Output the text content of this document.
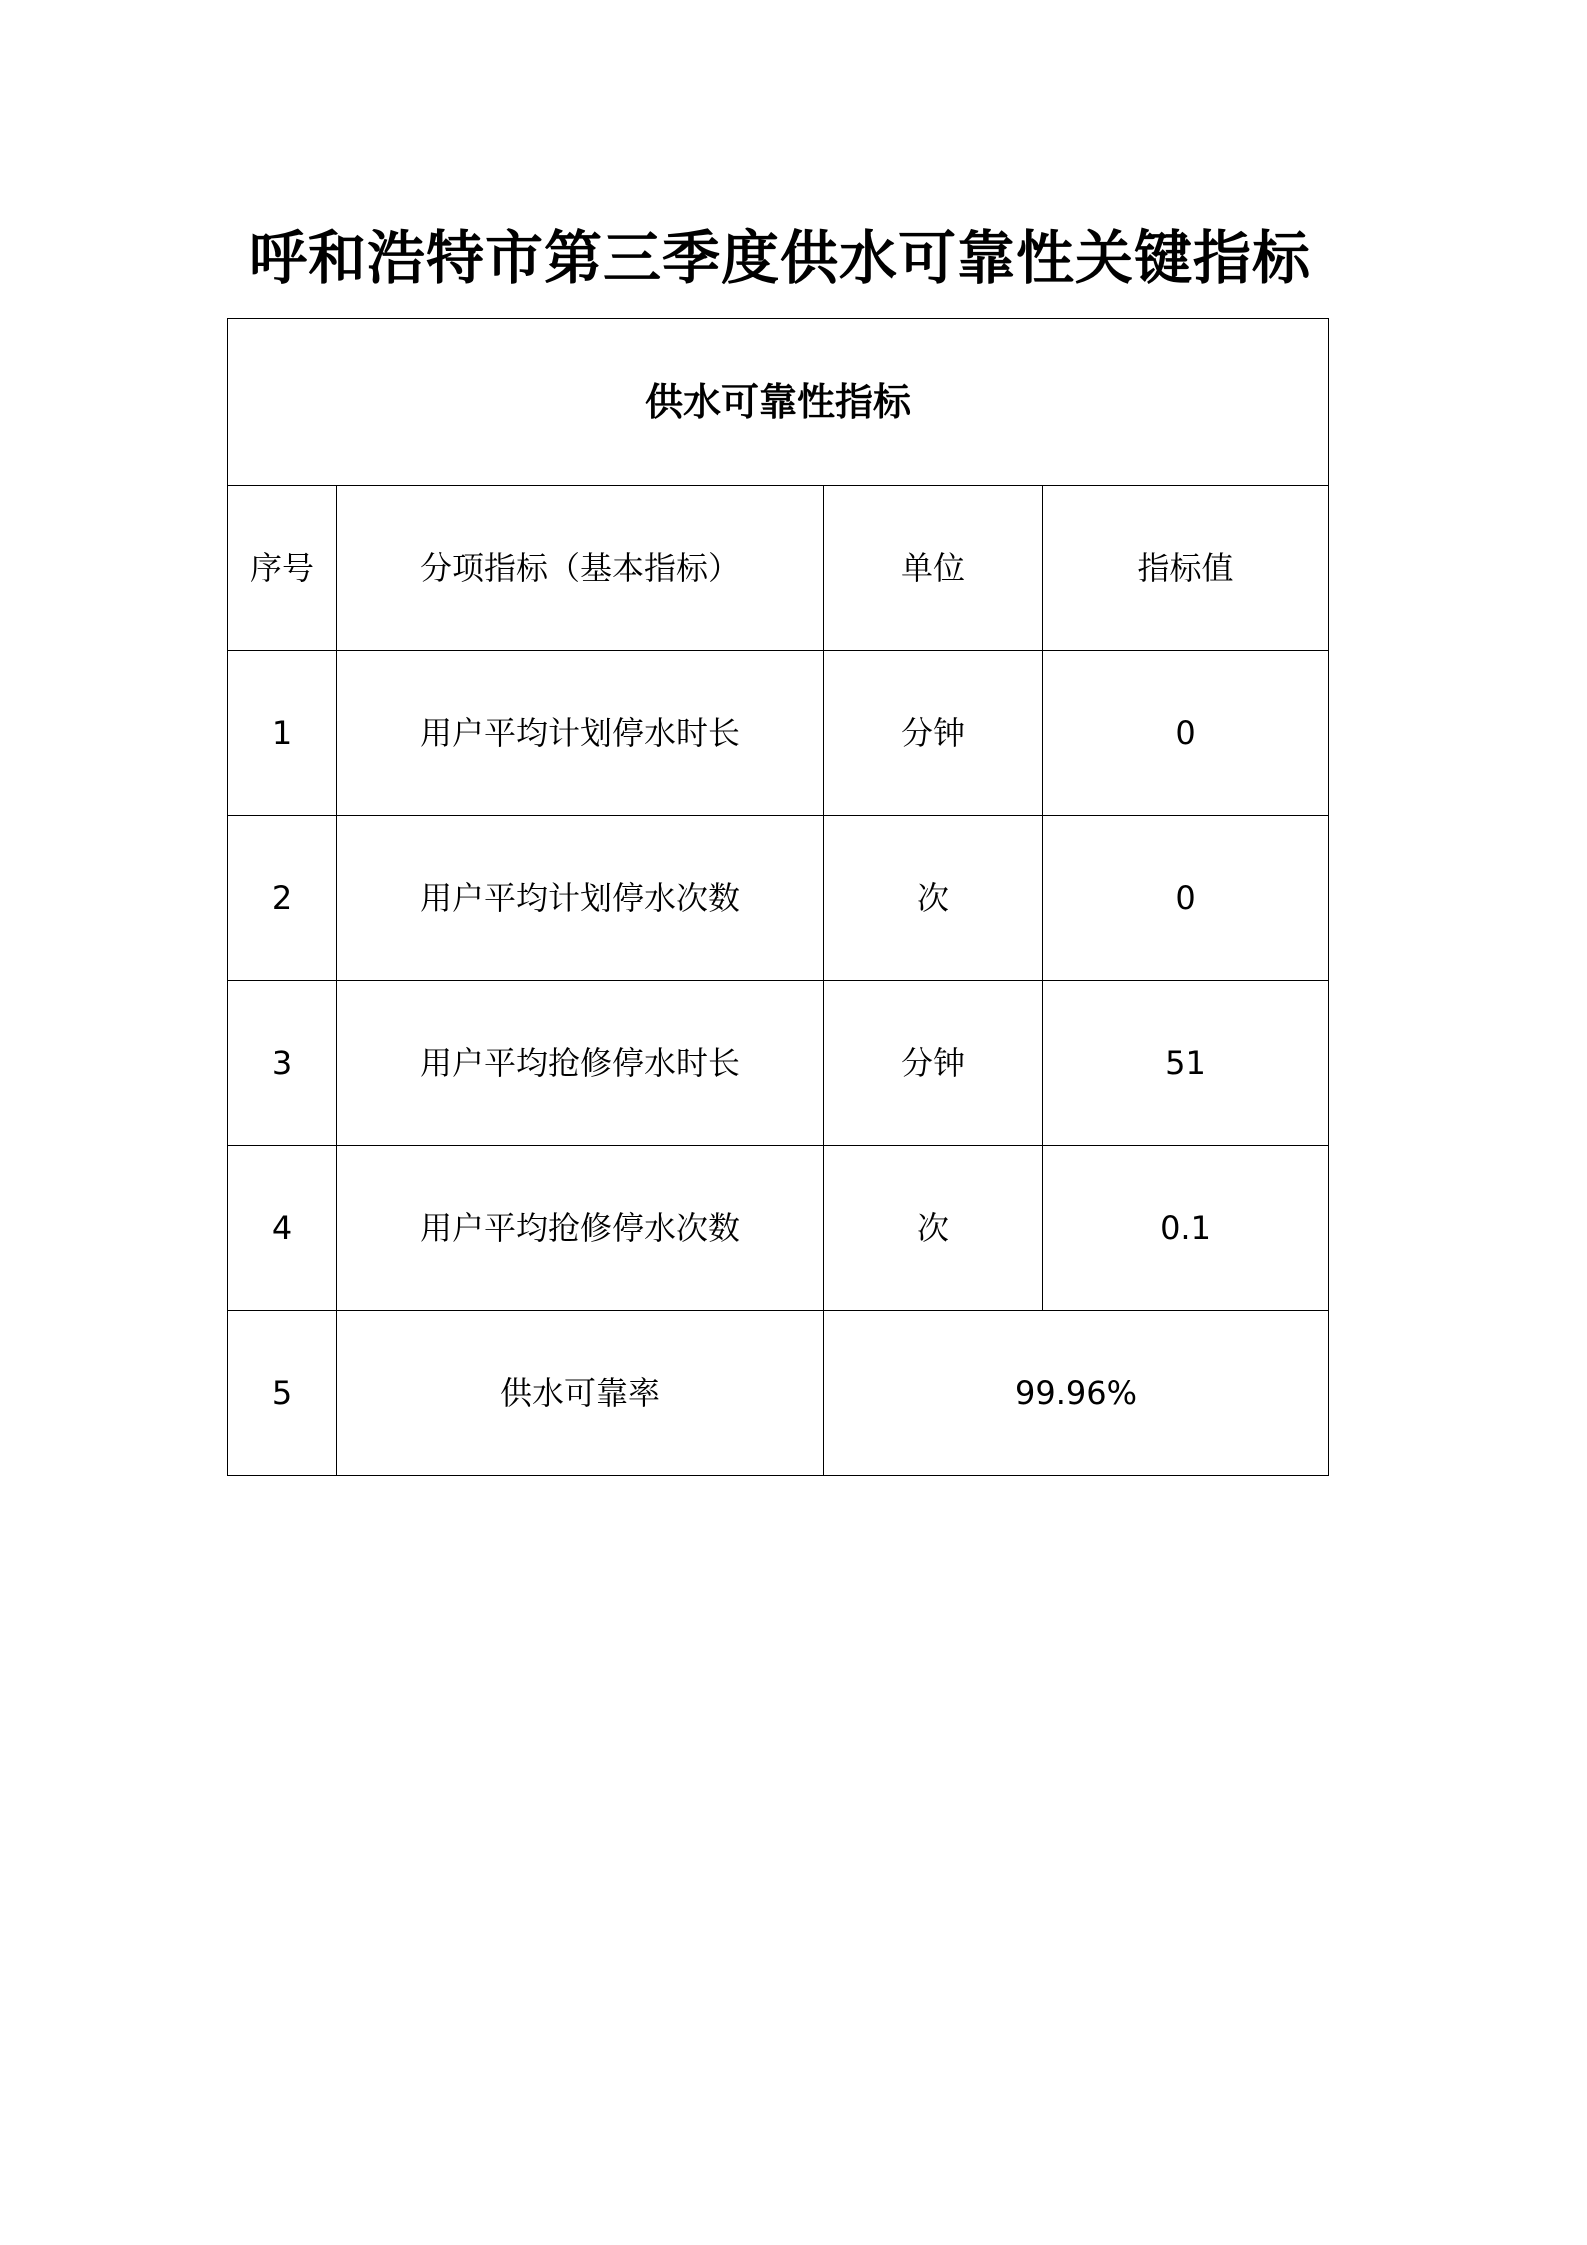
呼和浩特市第三季度供水可靠性关键指标
供水可靠性指标			
序号	分项指标（基本指标）	单位	指标值
1	用户平均计划停水时长	分钟	0
2	用户平均计划停水次数	次	0
3	用户平均抢修停水时长	分钟	51
4	用户平均抢修停水次数	次	0.1
5	供水可靠率	99.96%	
